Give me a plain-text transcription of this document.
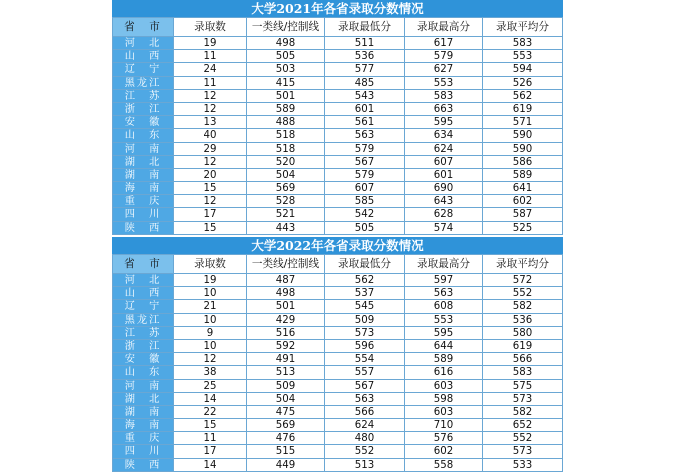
大学2021年各省录取分数情况
省　市	录取数	一类线/控制线	录取最低分	录取最高分	录取平均分
河　北	19	498	511	617	583
山　西	11	505	536	579	553
辽　宁	24	503	577	627	594
黑龙江	11	415	485	553	526
江　苏	12	501	543	583	562
浙　江	12	589	601	663	619
安　徽	13	488	561	595	571
山　东	40	518	563	634	590
河　南	29	518	579	624	590
湖　北	12	520	567	607	586
湖　南	20	504	579	601	589
海　南	15	569	607	690	641
重　庆	12	528	585	643	602
四　川	17	521	542	628	587
陕　西	15	443	505	574	525
大学2022年各省录取分数情况
省　市	录取数	一类线/控制线	录取最低分	录取最高分	录取平均分
河　北	19	487	562	597	572
山　西	10	498	537	563	552
辽　宁	21	501	545	608	582
黑龙江	10	429	509	553	536
江　苏	9	516	573	595	580
浙　江	10	592	596	644	619
安　徽	12	491	554	589	566
山　东	38	513	557	616	583
河　南	25	509	567	603	575
湖　北	14	504	563	598	573
湖　南	22	475	566	603	582
海　南	15	569	624	710	652
重　庆	11	476	480	576	552
四　川	17	515	552	602	573
陕　西	14	449	513	558	533
